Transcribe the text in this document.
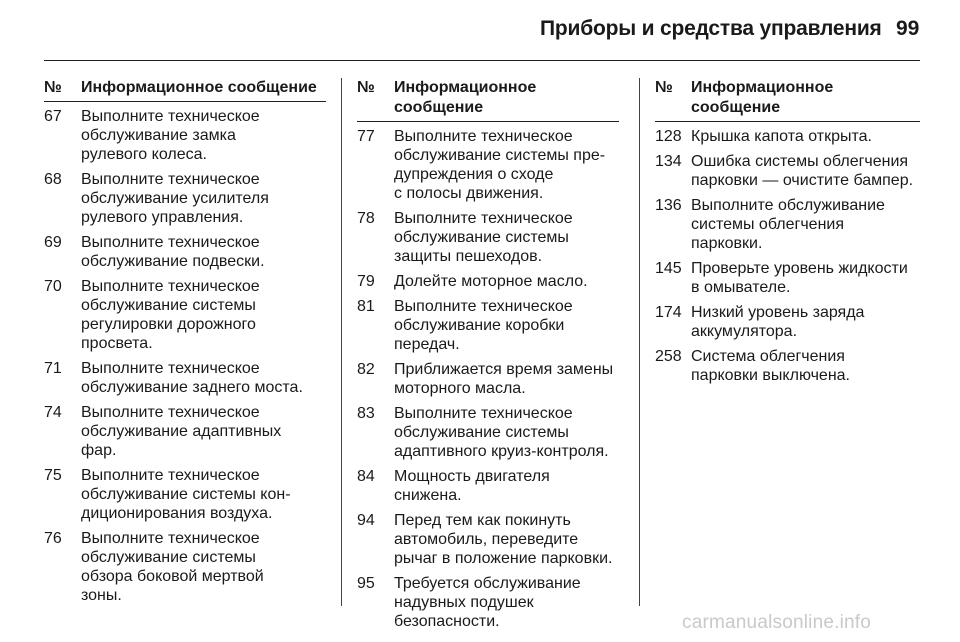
Приборы и средства управления 99
№	Информационное сообщение
67	Выполните техническое
обслуживание замка
рулевого колеса.
68	Выполните техническое
обслуживание усилителя
рулевого управления.
69	Выполните техническое
обслуживание подвески.
70	Выполните техническое
обслуживание системы
регулировки дорожного
просвета.
71	Выполните техническое
обслуживание заднего моста.
74	Выполните техническое
обслуживание адаптивных
фар.
75	Выполните техническое
обслуживание системы кон-
диционирования воздуха.
76	Выполните техническое
обслуживание системы
обзора боковой мертвой
зоны.
№	Информационное сообщение
77	Выполните техническое
обслуживание системы пре-
дупреждения о сходе
с полосы движения.
78	Выполните техническое
обслуживание системы
защиты пешеходов.
79	Долейте моторное масло.
81	Выполните техническое
обслуживание коробки
передач.
82	Приближается время замены
моторного масла.
83	Выполните техническое
обслуживание системы
адаптивного круиз-контроля.
84	Мощность двигателя
снижена.
94	Перед тем как покинуть
автомобиль, переведите
рычаг в положение парковки.
95	Требуется обслуживание
надувных подушек
безопасности.
№	Информационное сообщение
128 Крышка капота открыта.
134 Ошибка системы облегчения
парковки — очистите бампер.
136 Выполните обслуживание
системы облегчения
парковки.
145 Проверьте уровень жидкости
в омывателе.
174 Низкий уровень заряда
аккумулятора.
258 Система облегчения
парковки выключена.
carmanualsonline.info
